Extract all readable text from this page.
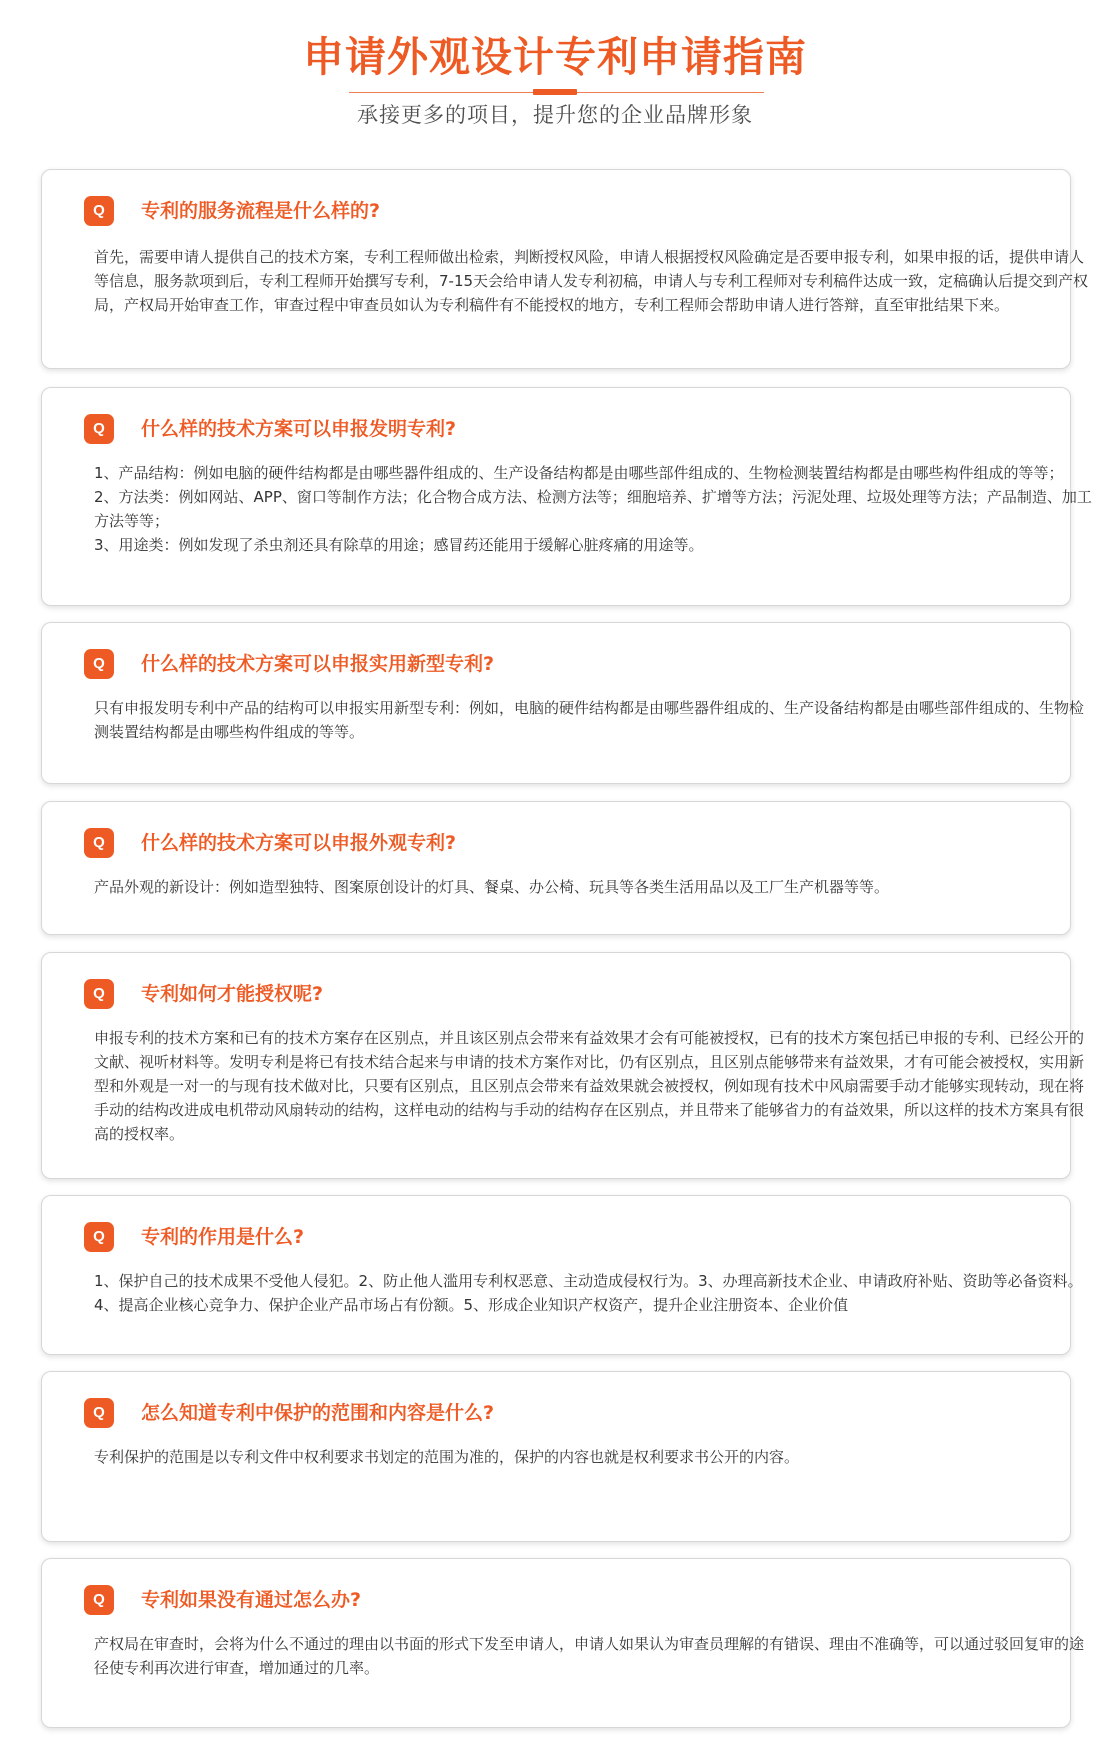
申请外观设计专利申请指南
承接更多的项目，提升您的企业品牌形象
Q	专利的服务流程是什么样的?
首先，需要申请人提供自己的技术方案，专利工程师做出检索，判断授权风险，申请人根据授权风险确定是否要申报专利，如果申报的话，提供申请人等信息，服务款项到后，专利工程师开始撰写专利，7-15天会给申请人发专利初稿，申请人与专利工程师对专利稿件达成一致，定稿确认后提交到产权局，产权局开始审查工作，审查过程中审查员如认为专利稿件有不能授权的地方，专利工程师会帮助申请人进行答辩，直至审批结果下来。
Q	什么样的技术方案可以申报发明专利?
1、产品结构：例如电脑的硬件结构都是由哪些器件组成的、生产设备结构都是由哪些部件组成的、生物检测装置结构都是由哪些构件组成的等等；
2、方法类：例如网站、APP、窗口等制作方法；化合物合成方法、检测方法等；细胞培养、扩增等方法；污泥处理、垃圾处理等方法；产品制造、加工方法等等；
3、用途类：例如发现了杀虫剂还具有除草的用途；感冒药还能用于缓解心脏疼痛的用途等。
Q	什么样的技术方案可以申报实用新型专利?
只有申报发明专利中产品的结构可以申报实用新型专利：例如，电脑的硬件结构都是由哪些器件组成的、生产设备结构都是由哪些部件组成的、生物检测装置结构都是由哪些构件组成的等等。
Q	什么样的技术方案可以申报外观专利?
产品外观的新设计：例如造型独特、图案原创设计的灯具、餐桌、办公椅、玩具等各类生活用品以及工厂生产机器等等。
Q	专利如何才能授权呢?
申报专利的技术方案和已有的技术方案存在区别点，并且该区别点会带来有益效果才会有可能被授权，已有的技术方案包括已申报的专利、已经公开的文献、视听材料等。发明专利是将已有技术结合起来与申请的技术方案作对比，仍有区别点，且区别点能够带来有益效果，才有可能会被授权，实用新型和外观是一对一的与现有技术做对比，只要有区别点，且区别点会带来有益效果就会被授权，例如现有技术中风扇需要手动才能够实现转动，现在将手动的结构改进成电机带动风扇转动的结构，这样电动的结构与手动的结构存在区别点，并且带来了能够省力的有益效果，所以这样的技术方案具有很高的授权率。
Q	专利的作用是什么?
1、保护自己的技术成果不受他人侵犯。2、防止他人滥用专利权恶意、主动造成侵权行为。3、办理高新技术企业、申请政府补贴、资助等必备资料。4、提高企业核心竞争力、保护企业产品市场占有份额。5、形成企业知识产权资产，提升企业注册资本、企业价值
Q	怎么知道专利中保护的范围和内容是什么?
专利保护的范围是以专利文件中权利要求书划定的范围为准的，保护的内容也就是权利要求书公开的内容。
Q	专利如果没有通过怎么办?
产权局在审查时，会将为什么不通过的理由以书面的形式下发至申请人，申请人如果认为审查员理解的有错误、理由不准确等，可以通过驳回复审的途径使专利再次进行审查，增加通过的几率。
